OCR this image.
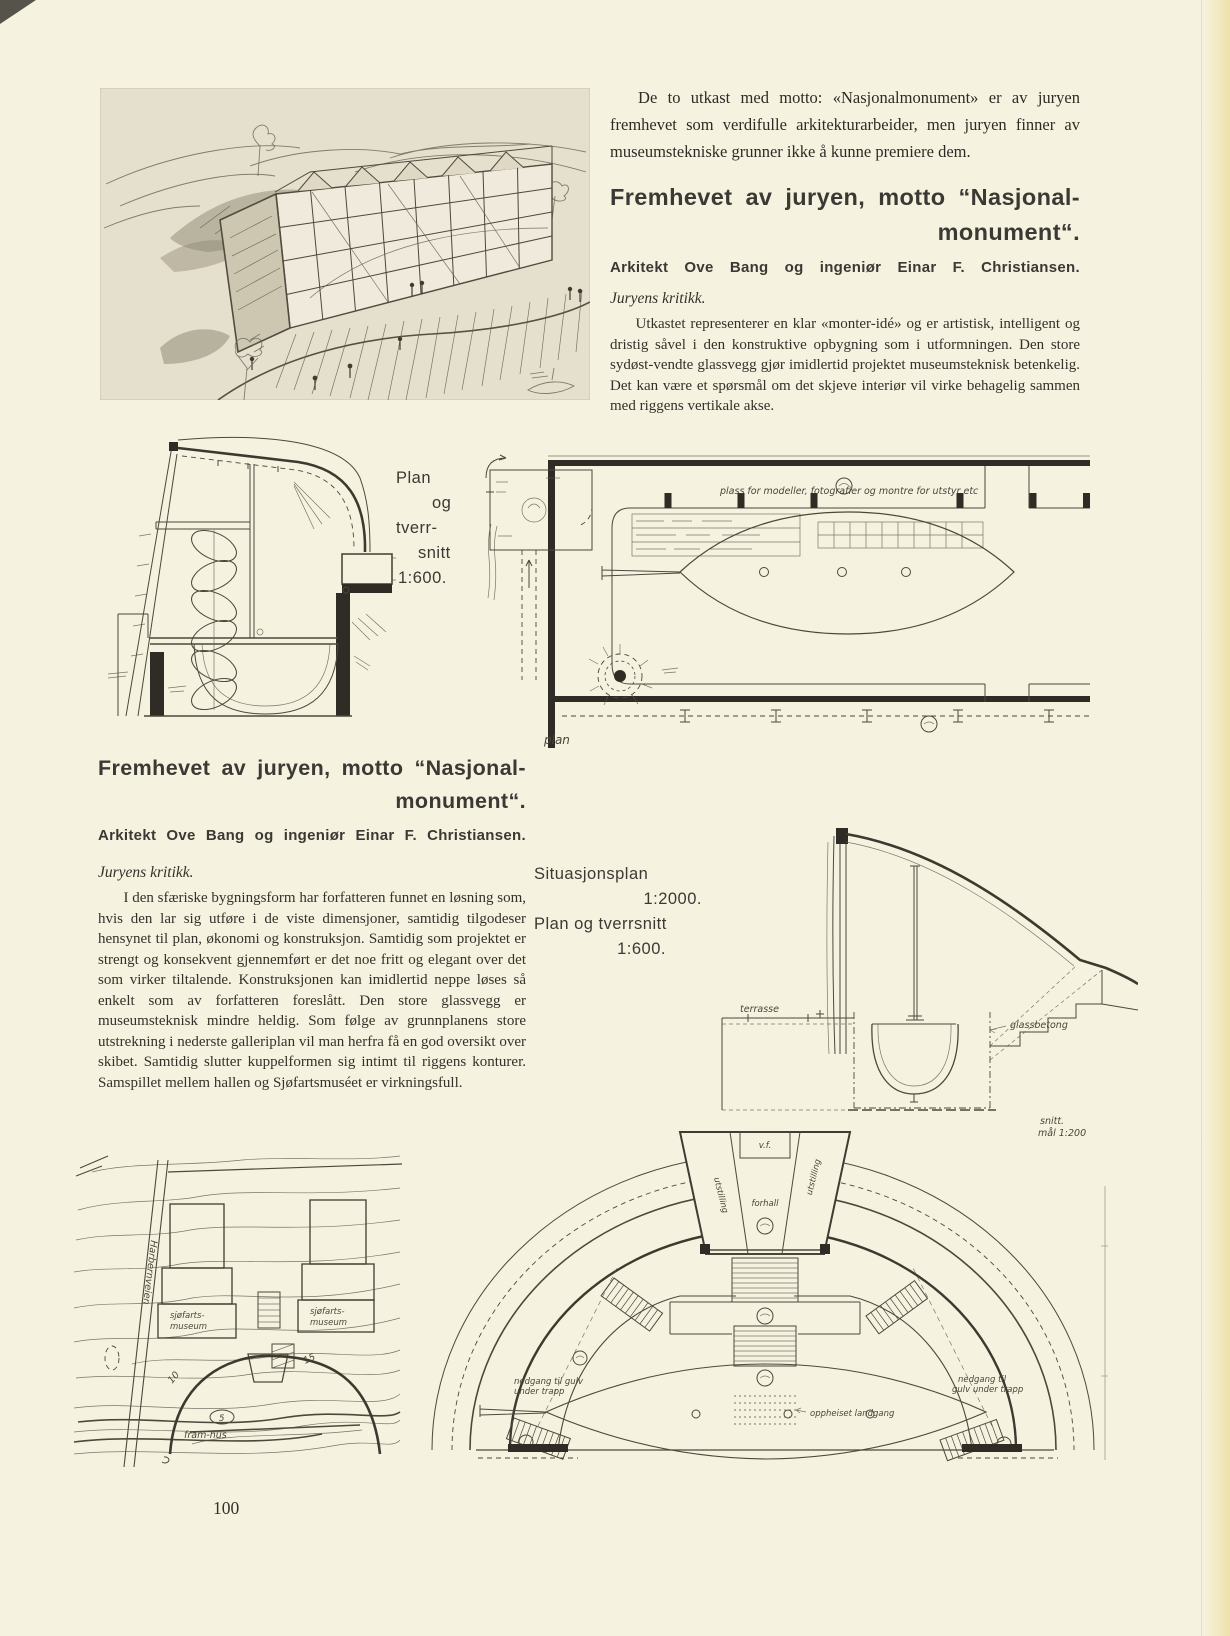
De to utkast med motto: «Nasjonalmonument» er av juryen fremhevet som verdifulle arkitekturarbeider, men juryen finner av museumstekniske grunner ikke å kunne premiere dem.

Fremhevet av juryen, motto “Nasjonal-
monument“.
Arkitekt Ove Bang og ingeniør Einar F. Christiansen.
Juryens kritikk.

Utkastet representerer en klar «monter-idé» og er artistisk, intelligent og dristig såvel i den konstruktive opbygning som i utformningen. Den store sydøst-vendte glassvegg gjør imidlertid projektet museumsteknisk betenkelig. Det kan være et spørsmål om det skjeve interiør vil virke behagelig sammen med riggens vertikale akse.

Plan
og
tverr-
snitt
1:600.
plass for modeller, fotografier og montre for utstyr etc
plan
Fremhevet av juryen, motto “Nasjonal-
monument“.
Arkitekt Ove Bang og ingeniør Einar F. Christiansen.
Juryens kritikk.

I den sfæriske bygningsform har forfatteren funnet en løsning som, hvis den lar sig utføre i de viste dimensjoner, samtidig tilgodeser hensynet til plan, økonomi og konstruksjon. Samtidig som projektet er strengt og konsekvent gjennemført er det noe fritt og elegant over det som virker tiltalende. Konstruksjonen kan imidlertid neppe løses så enkelt som av forfatteren foreslått. Den store glassvegg er museumsteknisk mindre heldig. Som følge av grunnplanens store utstrekning i nederste galleriplan vil man herfra få en god oversikt over skibet. Samtidig slutter kuppelformen sig intimt til riggens konturer. Samspillet mellem hallen og Sjøfartsmuséet er virkningsfull.

Situasjonsplan
1:2000.
Plan og tverrsnitt
1:600.
terrasse
glassbetong
snitt.
mål 1:200
Harbernveien
sjøfarts-
museum
sjøfarts-
museum
5
fram-hus
10
15
v.f.
utstilling	utstilling
forhall
oppheiset landgang
nedgang til gulv
under trapp
nedgang til
gulv under trapp
100
